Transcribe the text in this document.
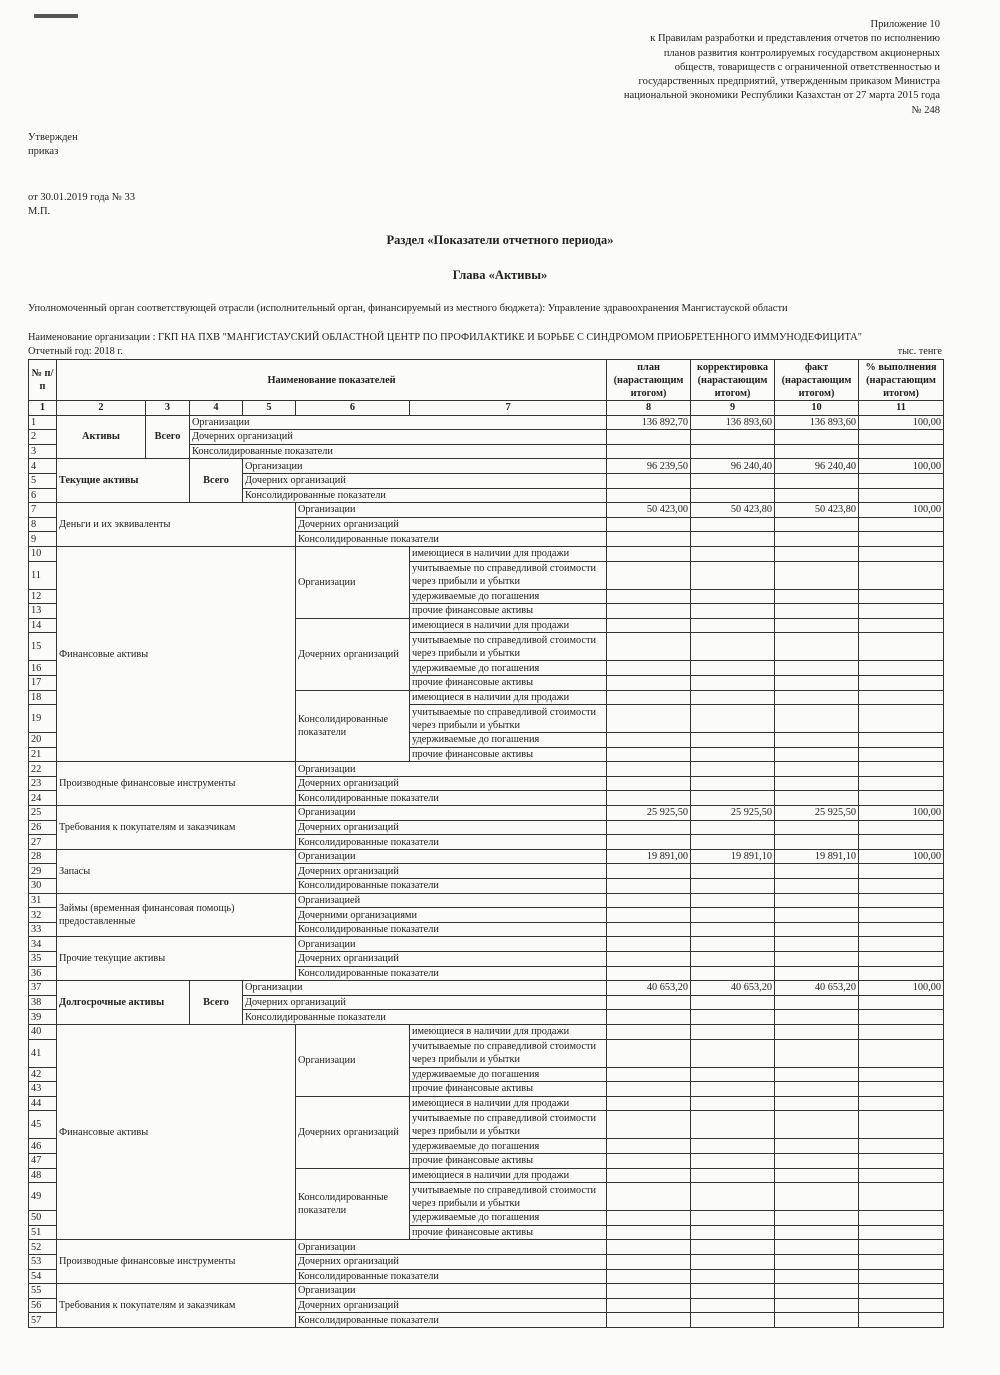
Приложение 10
к Правилам разработки и представления отчетов по исполнению
планов развития контролируемых государством акционерных
обществ, товариществ с ограниченной ответственностью и
государственных предприятий, утвержденным приказом Министра
национальной экономики Республики Казахстан от 27 марта 2015 года
№ 248
Утвержден
приказ
от 30.01.2019 года № 33
М.П.
Раздел «Показатели отчетного периода»
Глава «Активы»
Уполномоченный орган соответствующей отрасли (исполнительный орган, финансируемый из местного бюджета): Управление здравоохранения Мангистауской области
Наименование организации : ГКП НА ПХВ "МАНГИСТАУСКИЙ ОБЛАСТНОЙ ЦЕНТР ПО ПРОФИЛАКТИКЕ И БОРЬБЕ С СИНДРОМОМ ПРИОБРЕТЕННОГО ИММУНОДЕФИЦИТА"
Отчетный год: 2018 г.	тыс. тенге
№ п/п	Наименование показателей						план (нарастающим итогом)	корректировка (нарастающим итогом)	факт (нарастающим итогом)	% выполнения (нарастающим итогом)
1	2	3	4	5	6	7	8	9	10	11
1	Активы	Всего	Организации				136 892,70	136 893,60	136 893,60	100,00
2			Дочерних организаций							
3			Консолидированные показатели							
4	Текущие активы		Всего	Организации			96 239,50	96 240,40	96 240,40	100,00
5				Дочерних организаций						
6				Консолидированные показатели						
7	Деньги и их эквиваленты				Организации		50 423,00	50 423,80	50 423,80	100,00
8					Дочерних организаций					
9					Консолидированные показатели					
10	Финансовые активы				Организации	имеющиеся в наличии для продажи				
11						учитываемые по справедливой стоимости через прибыли и убытки				
12						удерживаемые до погашения				
13						прочие финансовые активы				
14					Дочерних организаций	имеющиеся в наличии для продажи				
15						учитываемые по справедливой стоимости через прибыли и убытки				
16						удерживаемые до погашения				
17						прочие финансовые активы				
18					Консолидированные показатели	имеющиеся в наличии для продажи				
19						учитываемые по справедливой стоимости через прибыли и убытки				
20						удерживаемые до погашения				
21						прочие финансовые активы				
22	Производные финансовые инструменты				Организации					
23					Дочерних организаций					
24					Консолидированные показатели					
25	Требования к покупателям и заказчикам				Организации		25 925,50	25 925,50	25 925,50	100,00
26					Дочерних организаций					
27					Консолидированные показатели					
28	Запасы				Организации		19 891,00	19 891,10	19 891,10	100,00
29					Дочерних организаций					
30					Консолидированные показатели					
31	Займы (временная финансовая помощь) предоставленные				Организацией					
32					Дочерними организациями					
33					Консолидированные показатели					
34	Прочие текущие активы				Организации					
35					Дочерних организаций					
36					Консолидированные показатели					
37	Долгосрочные активы		Всего	Организации			40 653,20	40 653,20	40 653,20	100,00
38				Дочерних организаций						
39				Консолидированные показатели						
40	Финансовые активы				Организации	имеющиеся в наличии для продажи				
41						учитываемые по справедливой стоимости через прибыли и убытки				
42						удерживаемые до погашения				
43						прочие финансовые активы				
44					Дочерних организаций	имеющиеся в наличии для продажи				
45						учитываемые по справедливой стоимости через прибыли и убытки				
46						удерживаемые до погашения				
47						прочие финансовые активы				
48					Консолидированные показатели	имеющиеся в наличии для продажи				
49						учитываемые по справедливой стоимости через прибыли и убытки				
50						удерживаемые до погашения				
51						прочие финансовые активы				
52	Производные финансовые инструменты				Организации					
53					Дочерних организаций					
54					Консолидированные показатели					
55	Требования к покупателям и заказчикам				Организации					
56					Дочерних организаций					
57					Консолидированные показатели					
